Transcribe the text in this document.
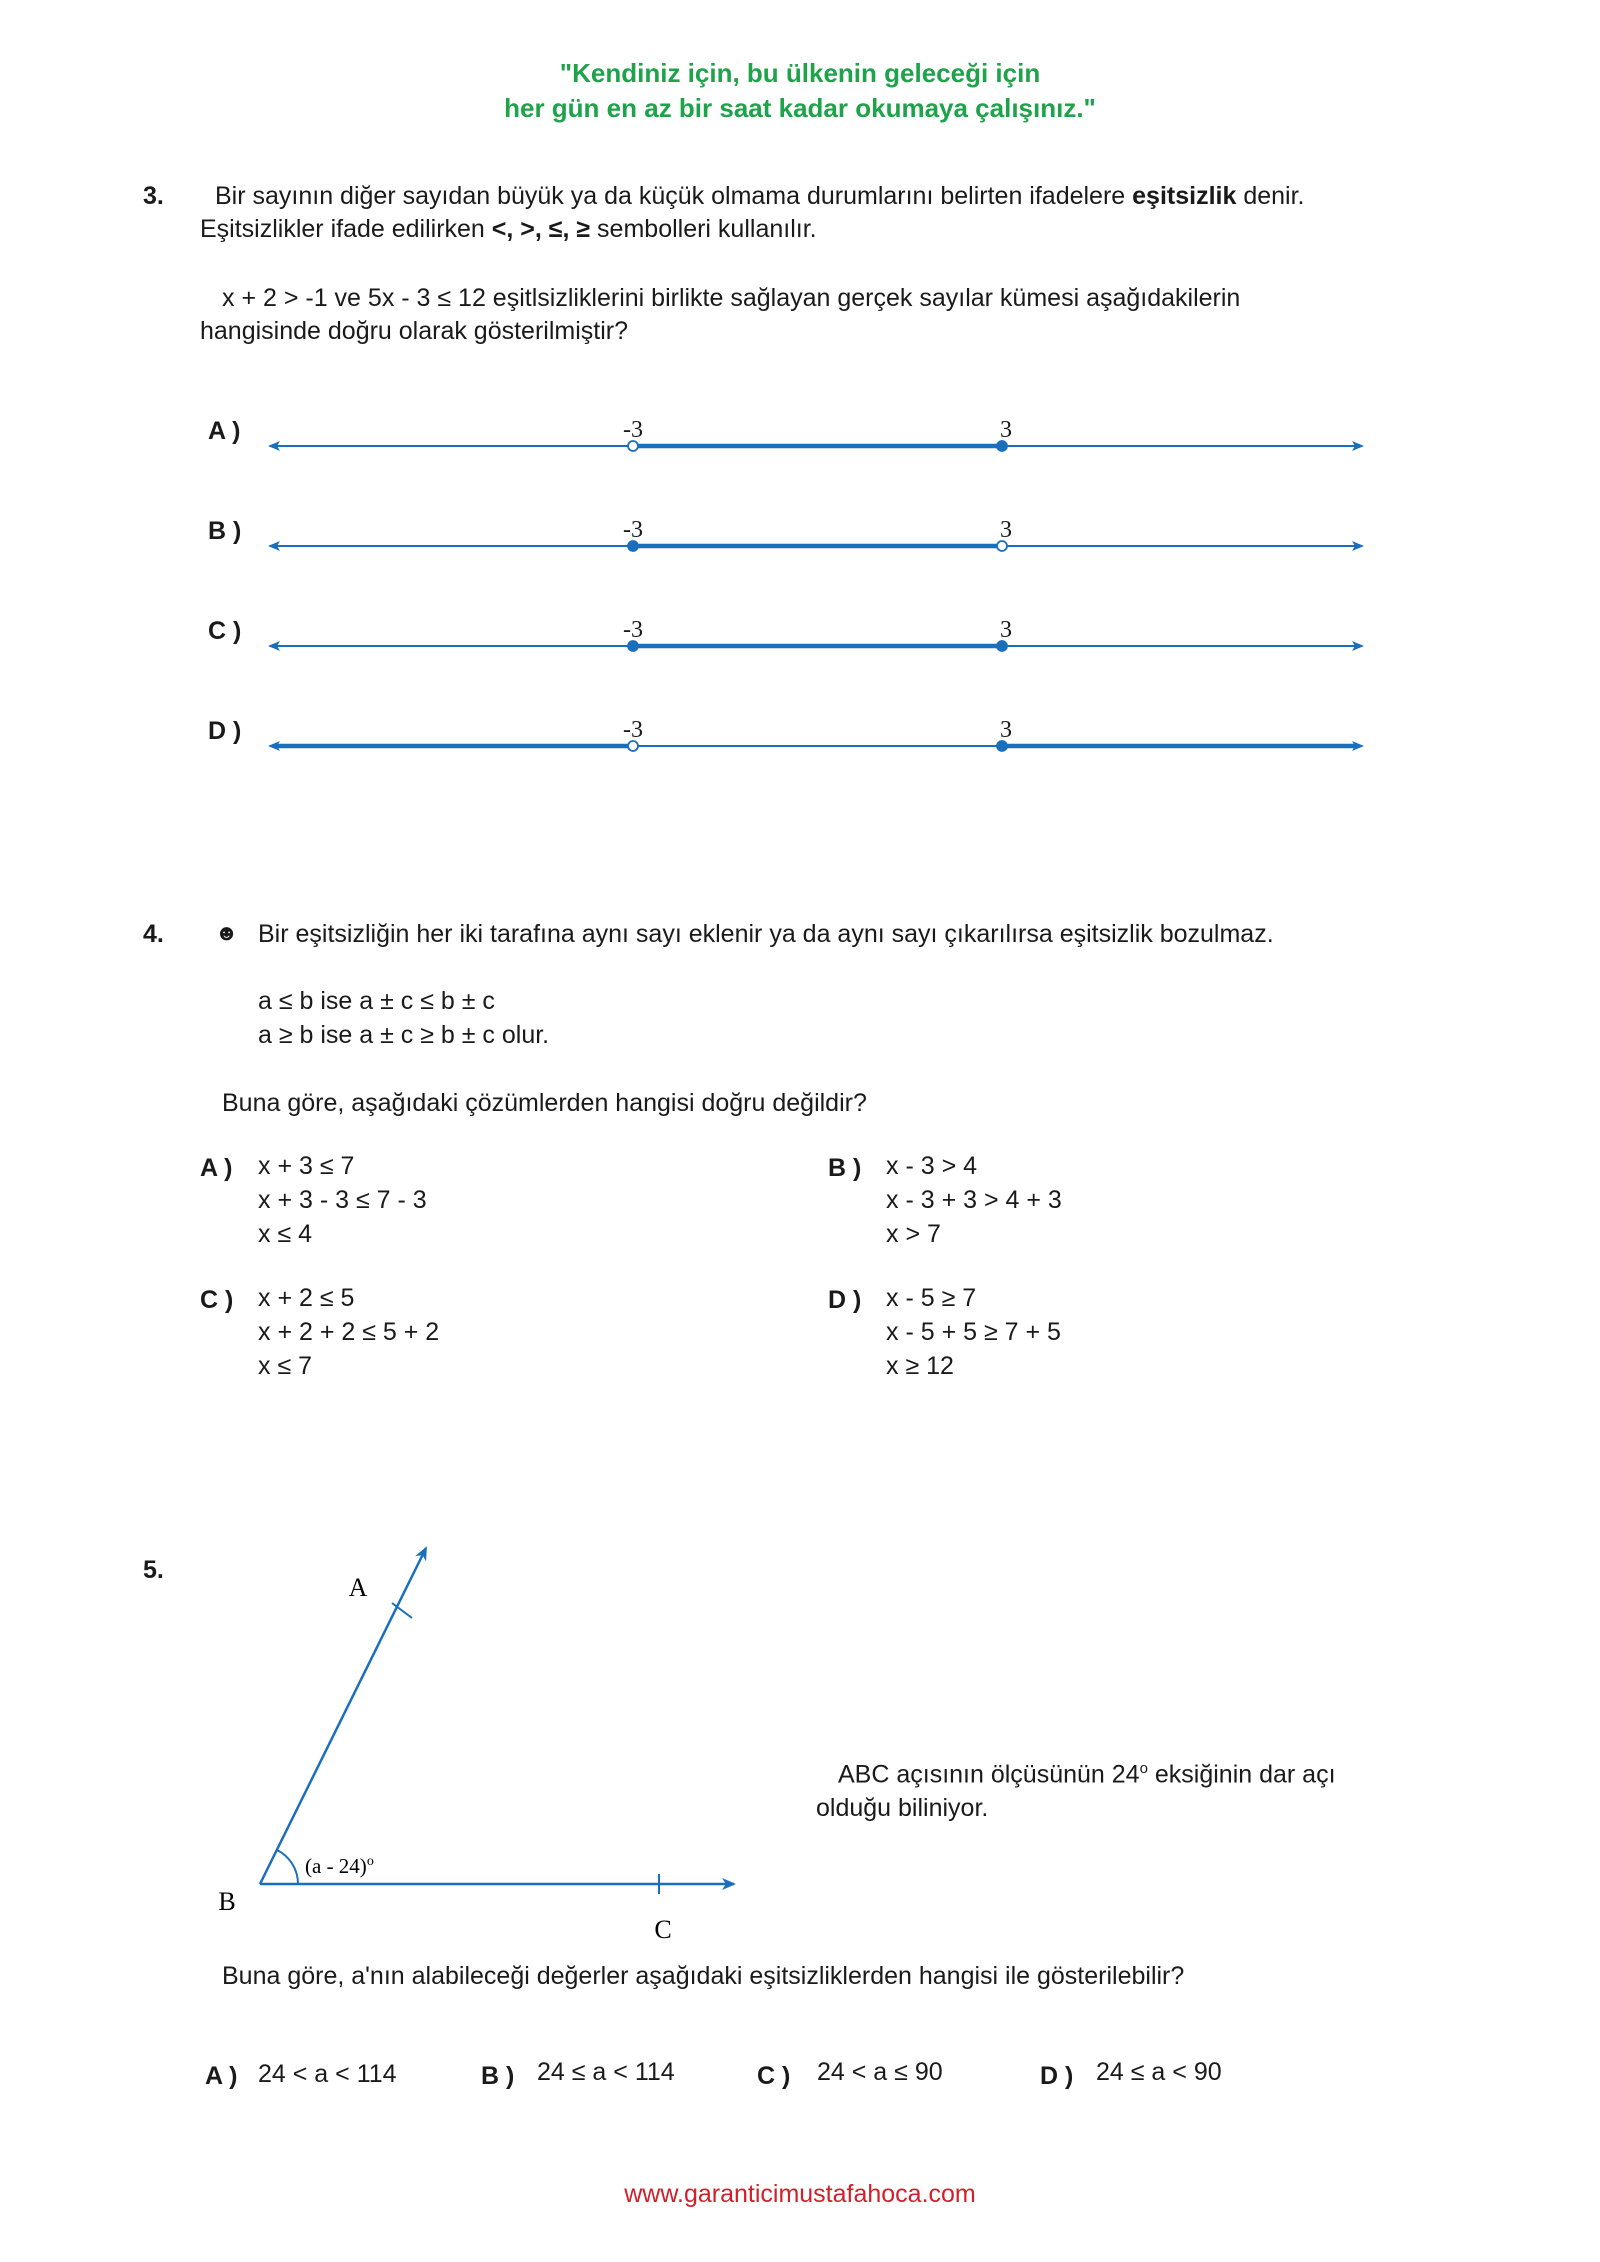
"Kendiniz için, bu ülkenin geleceği için
her gün en az bir saat kadar okumaya çalışınız."
3. Bir sayının diğer sayıdan büyük ya da küçük olmama durumlarını belirten ifadelere eşitsizlik denir.
Eşitsizlikler ifade edilirken <, >, ≤, ≥ sembolleri kullanılır.
x + 2 > -1 ve 5x - 3 ≤ 12 eşitlsizliklerini birlikte sağlayan gerçek sayılar kümesi aşağıdakilerin
hangisinde doğru olarak gösterilmiştir?
A )
B )
C )
D )
-3	3
-3	3
-3	3
-3	3
4. ☻ Bir eşitsizliğin her iki tarafına aynı sayı eklenir ya da aynı sayı çıkarılırsa eşitsizlik bozulmaz.
a ≤ b ise a ± c ≤ b ± c
a ≥ b ise a ± c ≥ b ± c olur.
Buna göre, aşağıdaki çözümlerden hangisi doğru değildir?
A ) x + 3 ≤ 7
x + 3 - 3 ≤ 7 - 3
x ≤ 4
B ) x - 3 > 4
x - 3 + 3 > 4 + 3
x > 7
C ) x + 2 ≤ 5
x + 2 + 2 ≤ 5 + 2
x ≤ 7
D ) x - 5 ≥ 7
x - 5 + 5 ≥ 7 + 5
x ≥ 12
5.
A
B
C
(a - 24)$^o$
ABC açısının ölçüsünün 24$^o$ eksiğinin dar açı
olduğu biliniyor.
Buna göre, a'nın alabileceği değerler aşağıdaki eşitsizliklerden hangisi ile gösterilebilir?
A ) 24 < a < 114	B ) 24 ≤ a < 114	C ) 24 < a ≤ 90	D ) 24 ≤ a < 90
www.garanticimustafahoca.com
